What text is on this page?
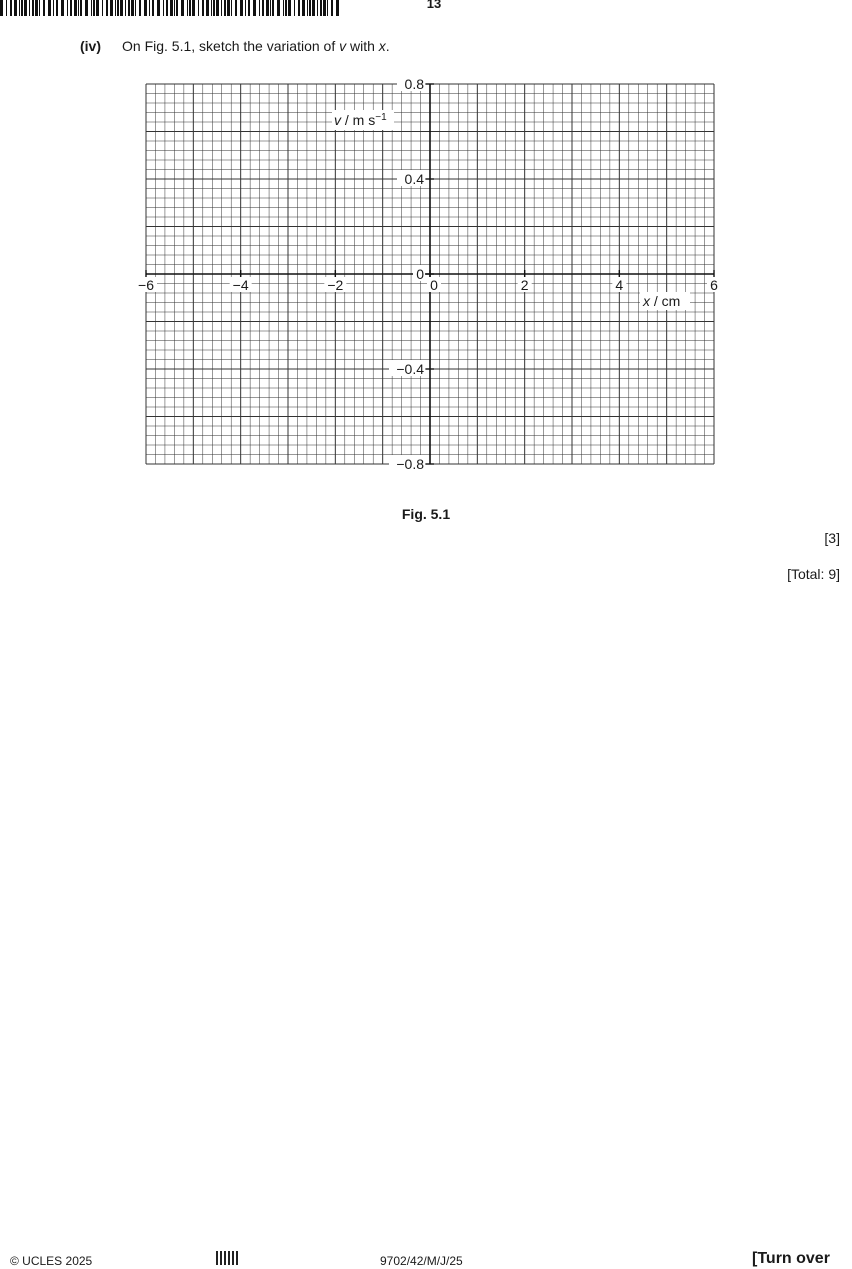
13
(iv) On Fig. 5.1, sketch the variation of v with x.
−6	−4	−2	0	2	4	6
0.8
0.4
0
−0.4
−0.8
v / m $s^{-1}$
x / cm
Fig. 5.1
[3]
[Total: 9]
© UCLES 2025	9702/42/M/J/25	[Turn over
